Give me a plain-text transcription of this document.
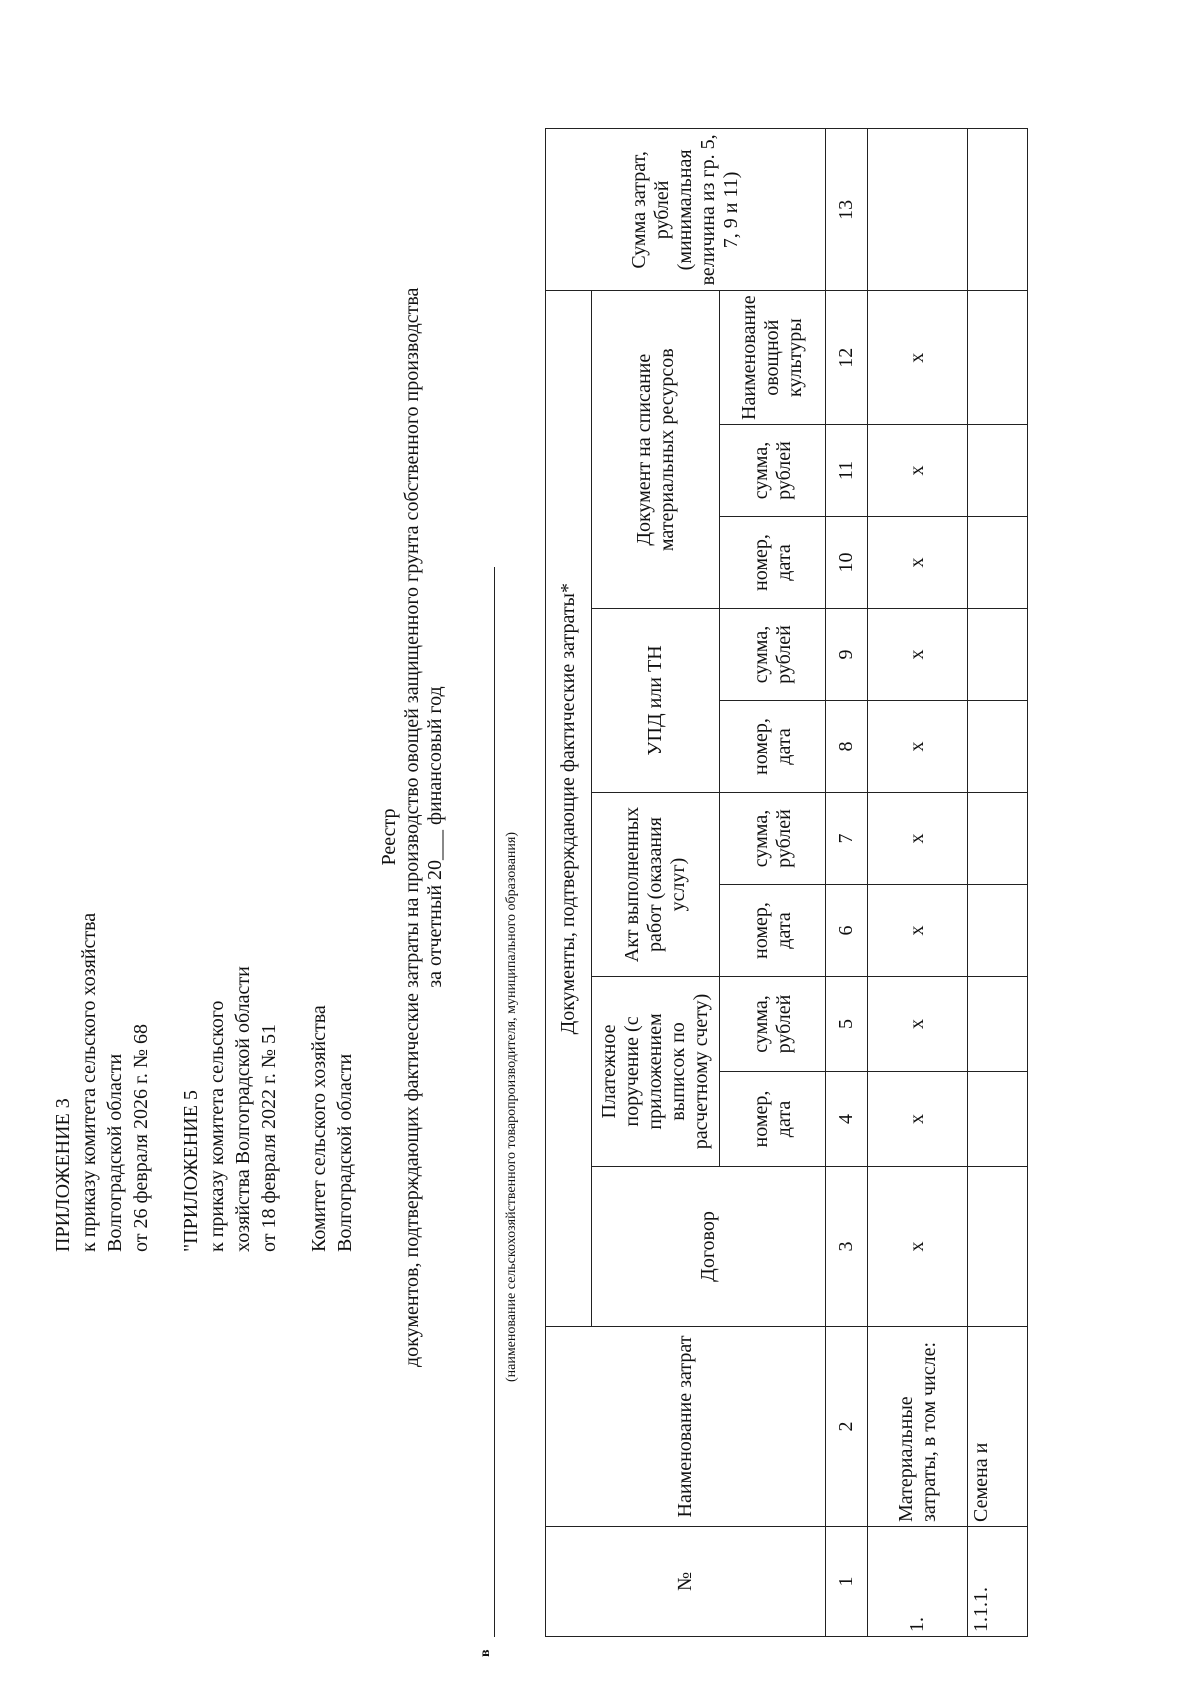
ПРИЛОЖЕНИЕ 3 к приказу комитета сельского хозяйства Волгоградской области от 26 февраля 2026 г. № 68 "ПРИЛОЖЕНИЕ 5 к приказу комитета сельского хозяйства Волгоградской области от 18 февраля 2022 г. № 51 Комитет сельского хозяйства Волгоградской области
Реестр документов, подтверждающих фактические затраты на производство овощей защищенного грунта собственного производства за отчетный 20___ финансовый год
в
(наименование сельскохозяйственного товаропроизводителя, муниципального образования)
№	Наименование затрат	Документы, подтверждающие фактические затраты*										Сумма затрат, рублей (минимальная величина из гр. 5, 7, 9 и 11)
		Договор	Платежное поручение (с приложением выписок по расчетному счету)		Акт выполненных работ (оказания услуг)		УПД или ТН		Документ на списание материальных ресурсов			
			номер, дата	сумма, рублей	номер, дата	сумма, рублей	номер, дата	сумма, рублей	номер, дата	сумма, рублей	Наименование овощной культуры	
1	2	3	4	5	6	7	8	9	10	11	12	13
1.	Материальные затраты, в том числе:	x	x	x	x	x	x	x	x	x	x	
1.1.1.	Семена и											
